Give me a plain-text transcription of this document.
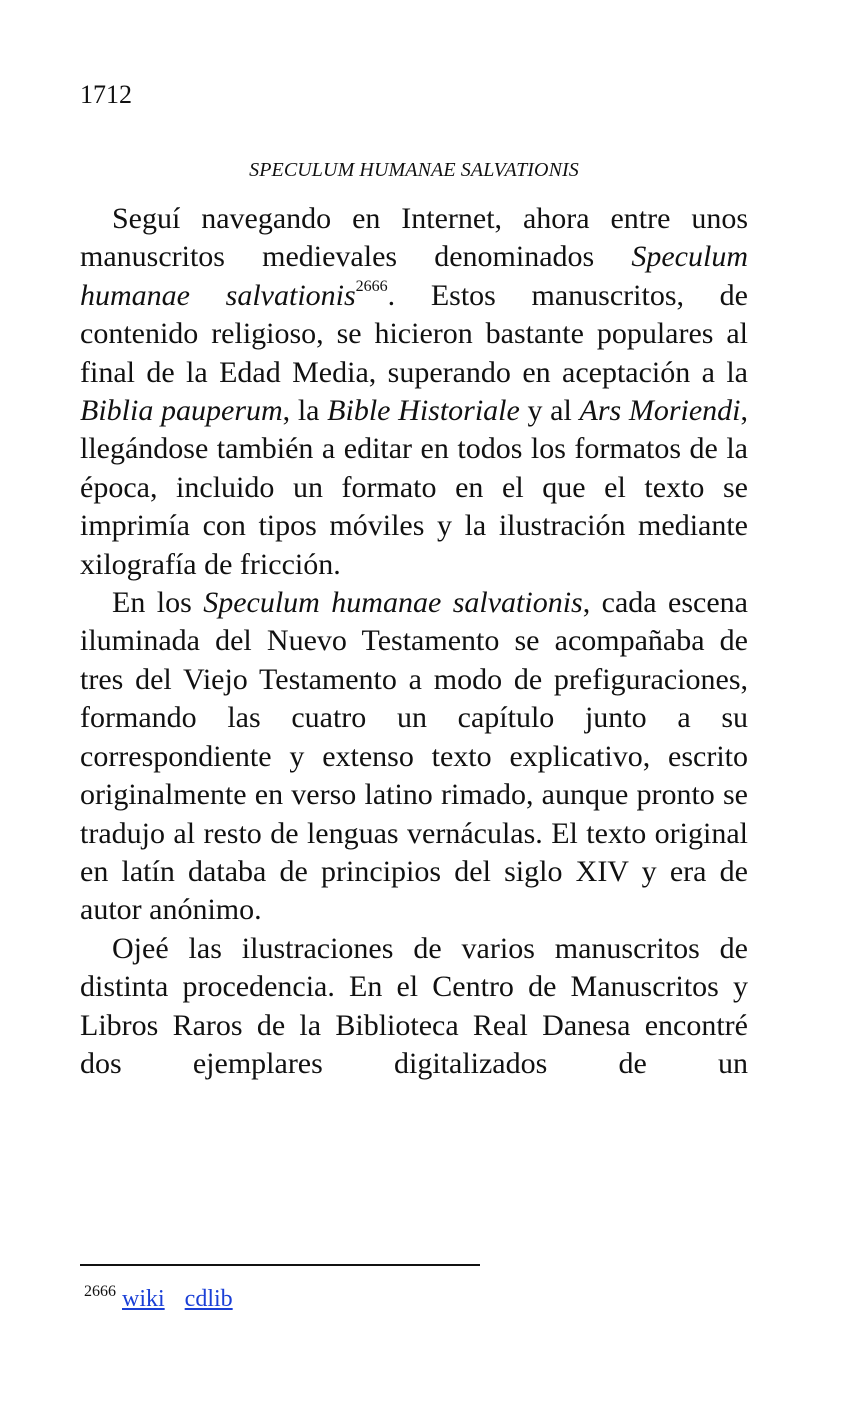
1712
SPECULUM HUMANAE SALVATIONIS

Seguí navegando en Internet, ahora entre unos manuscritos medievales denominados Speculum humanae salvationis$^{2666}$. Estos manuscritos, de contenido religioso, se hicieron bastante populares al final de la Edad Media, superando en aceptación a la Biblia pauperum, la Bible Historiale y al Ars Moriendi, llegándose también a editar en todos los formatos de la época, incluido un formato en el que el texto se imprimía con tipos móviles y la ilustración mediante xilografía de fricción.

En los Speculum humanae salvationis, cada escena iluminada del Nuevo Testamento se acompañaba de tres del Viejo Testamento a modo de prefiguraciones, formando las cuatro un capítulo junto a su correspondiente y extenso texto explicativo, escrito originalmente en verso latino rimado, aunque pronto se tradujo al resto de lenguas vernáculas. El texto original en latín databa de principios del siglo XIV y era de autor anónimo.

Ojeé las ilustraciones de varios manuscritos de distinta procedencia. En el Centro de Manuscritos y Libros Raros de la Biblioteca Real Danesa encontré dos ejemplares digitalizados de un

$^{2666}$ wiki cdlib
